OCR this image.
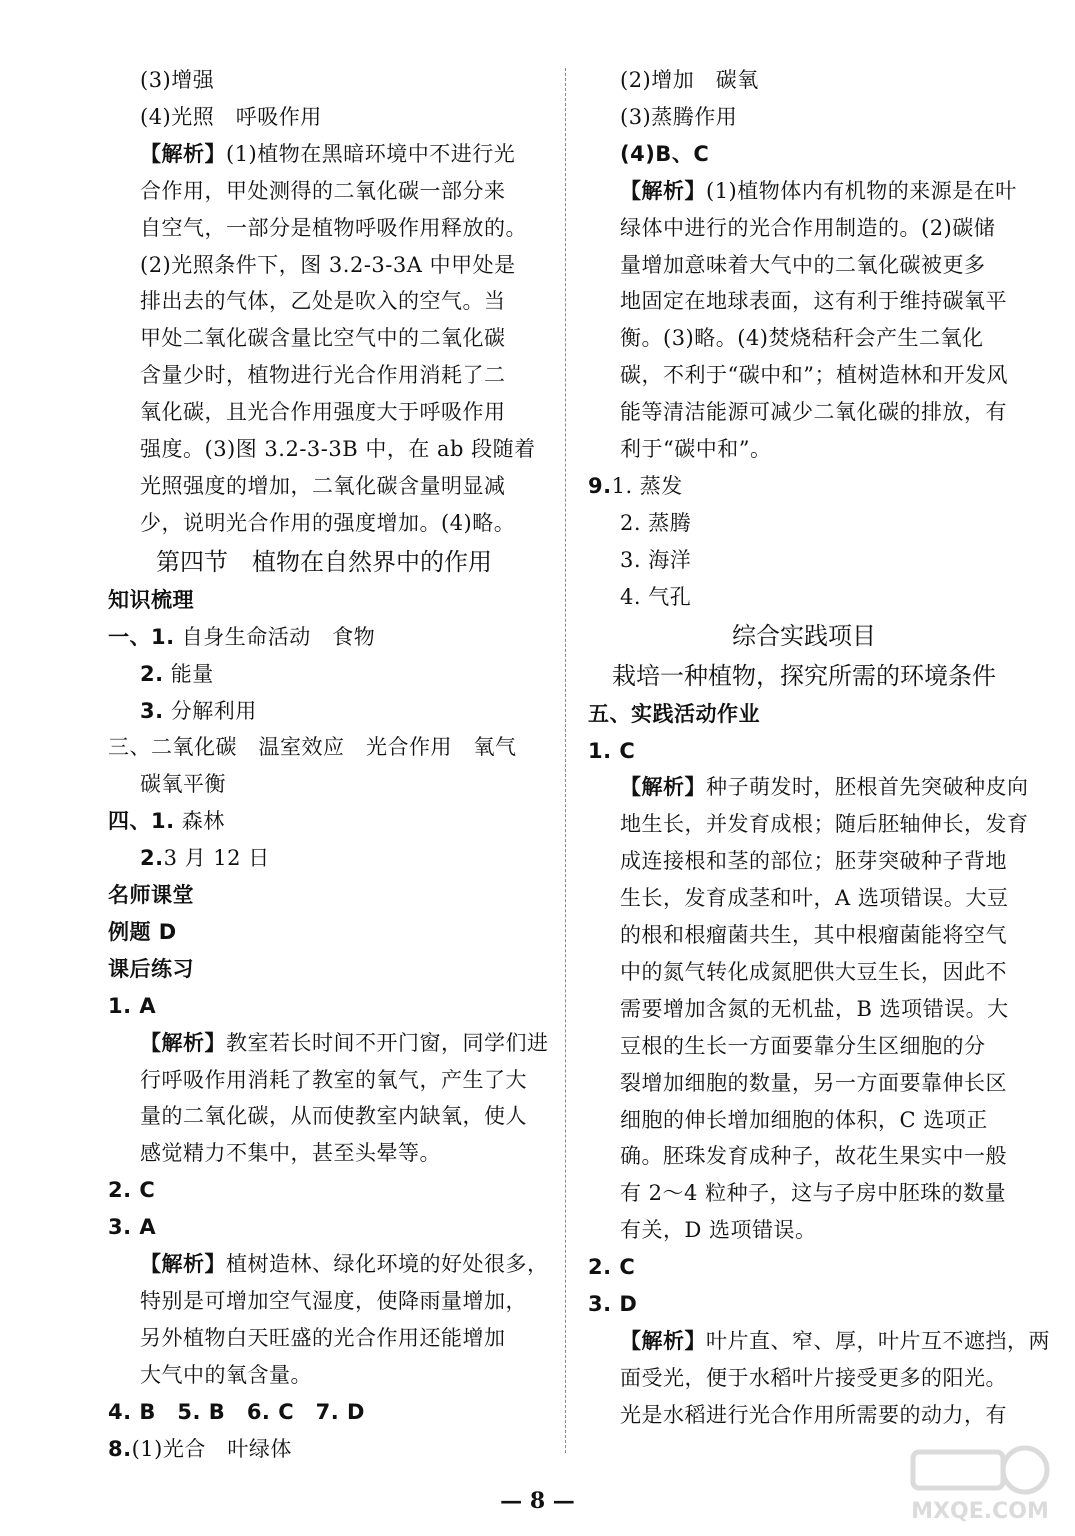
(3)增强
(4)光照　呼吸作用
【解析】(1)植物在黑暗环境中不进行光
合作用，甲处测得的二氧化碳一部分来
自空气，一部分是植物呼吸作用释放的。
(2)光照条件下，图 3.2-3-3A 中甲处是
排出去的气体，乙处是吹入的空气。当
甲处二氧化碳含量比空气中的二氧化碳
含量少时，植物进行光合作用消耗了二
氧化碳，且光合作用强度大于呼吸作用
强度。(3)图 3.2-3-3B 中，在 ab 段随着
光照强度的增加，二氧化碳含量明显减
少，说明光合作用的强度增加。(4)略。
第四节　植物在自然界中的作用
知识梳理
一、1. 自身生命活动　食物
2. 能量
3. 分解利用
三、二氧化碳　温室效应　光合作用　氧气
碳氧平衡
四、1. 森林
2.3 月 12 日
名师课堂
例题 D
课后练习
1. A
【解析】教室若长时间不开门窗，同学们进
行呼吸作用消耗了教室的氧气，产生了大
量的二氧化碳，从而使教室内缺氧，使人
感觉精力不集中，甚至头晕等。
2. C
3. A
【解析】植树造林、绿化环境的好处很多，
特别是可增加空气湿度，使降雨量增加，
另外植物白天旺盛的光合作用还能增加
大气中的氧含量。
4. B　5. B　6. C　7. D
8.(1)光合　叶绿体
(2)增加　碳氧
(3)蒸腾作用
(4)B、C
【解析】(1)植物体内有机物的来源是在叶
绿体中进行的光合作用制造的。(2)碳储
量增加意味着大气中的二氧化碳被更多
地固定在地球表面，这有利于维持碳氧平
衡。(3)略。(4)焚烧秸秆会产生二氧化
碳，不利于“碳中和”；植树造林和开发风
能等清洁能源可减少二氧化碳的排放，有
利于“碳中和”。
9.1. 蒸发
2. 蒸腾
3. 海洋
4. 气孔
综合实践项目
栽培一种植物，探究所需的环境条件
五、实践活动作业
1. C
【解析】种子萌发时，胚根首先突破种皮向
地生长，并发育成根；随后胚轴伸长，发育
成连接根和茎的部位；胚芽突破种子背地
生长，发育成茎和叶，A 选项错误。大豆
的根和根瘤菌共生，其中根瘤菌能将空气
中的氮气转化成氮肥供大豆生长，因此不
需要增加含氮的无机盐，B 选项错误。大
豆根的生长一方面要靠分生区细胞的分
裂增加细胞的数量，另一方面要靠伸长区
细胞的伸长增加细胞的体积，C 选项正
确。胚珠发育成种子，故花生果实中一般
有 2～4 粒种子，这与子房中胚珠的数量
有关，D 选项错误。
2. C
3. D
【解析】叶片直、窄、厚，叶片互不遮挡，两
面受光，便于水稻叶片接受更多的阳光。
光是水稻进行光合作用所需要的动力，有
— 8 —	MXQE.COM
